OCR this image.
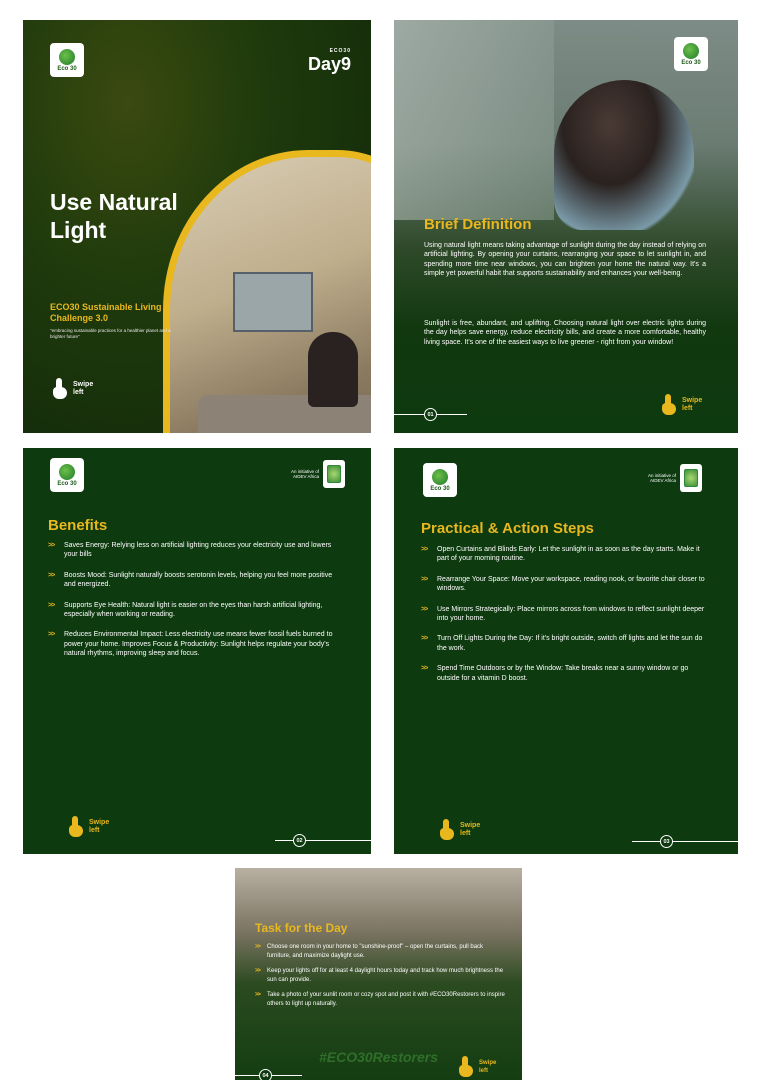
Eco 30
ECO30
Day9
Use Natural Light
ECO30 Sustainable Living Challenge 3.0
"embracing sustainable practices for a healthier planet and a brighter future"
Swipe
left
Eco 30
Brief Definition
Using natural light means taking advantage of sunlight during the day instead of relying on artificial lighting. By opening your curtains, rearranging your space to let sunlight in, and spending more time near windows, you can brighten your home the natural way. It's a simple yet powerful habit that supports sustainability and enhances your well-being.
Sunlight is free, abundant, and uplifting. Choosing natural light over electric lights during the day helps save energy, reduce electricity bills, and create a more comfortable, healthy living space. It's one of the easiest ways to live greener - right from your window!
01
Swipe
left
Eco 30
An initiative of
AIDEV Africa
Benefits
>> Saves Energy: Relying less on artificial lighting reduces your electricity use and lowers your bills
>> Boosts Mood: Sunlight naturally boosts serotonin levels, helping you feel more positive and energized.
>> Supports Eye Health: Natural light is easier on the eyes than harsh artificial lighting, especially when working or reading.
>> Reduces Environmental Impact: Less electricity use means fewer fossil fuels burned to power your home. Improves Focus & Productivity: Sunlight helps regulate your body's natural rhythms, improving sleep and focus.
Swipe
left
02
Eco 30
An initiative of
AIDEV Africa
Practical & Action Steps
>> Open Curtains and Blinds Early: Let the sunlight in as soon as the day starts. Make it part of your morning routine.
>> Rearrange Your Space: Move your workspace, reading nook, or favorite chair closer to windows.
>> Use Mirrors Strategically: Place mirrors across from windows to reflect sunlight deeper into your home.
>> Turn Off Lights During the Day: If it's bright outside, switch off lights and let the sun do the work.
>> Spend Time Outdoors or by the Window: Take breaks near a sunny window or go outside for a vitamin D boost.
Swipe
left
03
Task for the Day
>> Choose one room in your home to "sunshine-proof" – open the curtains, pull back furniture, and maximize daylight use.
>> Keep your lights off for at least 4 daylight hours today and track how much brightness the sun can provide.
>> Take a photo of your sunlit room or cozy spot and post it with #ECO30Restorers to inspire others to light up naturally.
#ECO30Restorers	Swipe
left
04
